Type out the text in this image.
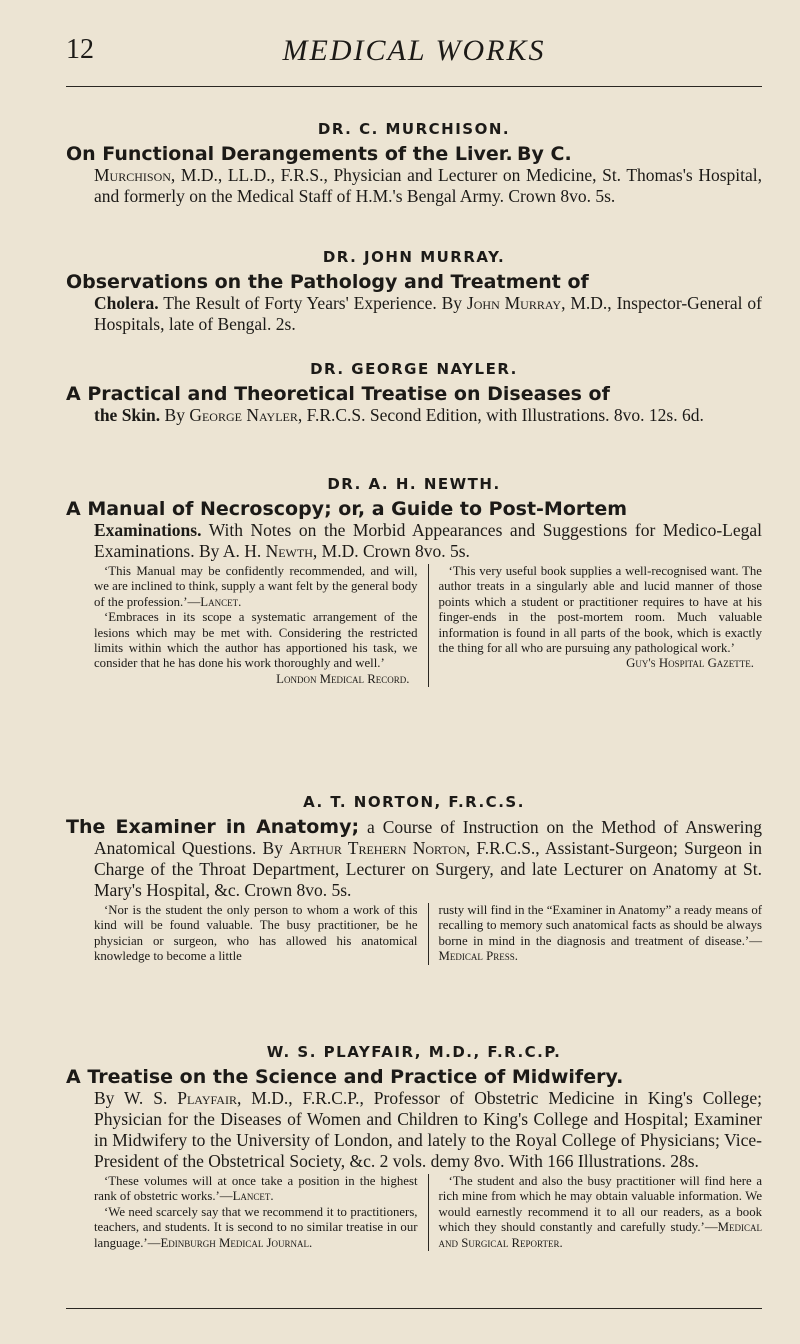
12	MEDICAL WORKS
DR. C. MURCHISON.

On Functional Derangements of the Liver. By C.
Murchison, M.D., LL.D., F.R.S., Physician and Lecturer on Medicine, St. Thomas's Hospital, and formerly on the Medical Staff of H.M.'s Bengal Army. Crown 8vo. 5s.

DR. JOHN MURRAY.

Observations on the Pathology and Treatment of
Cholera. The Result of Forty Years' Experience. By John Murray, M.D., Inspector-General of Hospitals, late of Bengal. 2s.

DR. GEORGE NAYLER.

A Practical and Theoretical Treatise on Diseases of
the Skin. By George Nayler, F.R.C.S. Second Edition, with Illustrations. 8vo. 12s. 6d.

DR. A. H. NEWTH.

A Manual of Necroscopy; or, a Guide to Post-Mortem
Examinations. With Notes on the Morbid Appearances and Suggestions for Medico-Legal Examinations. By A. H. Newth, M.D. Crown 8vo. 5s.

‘This Manual may be confidently recommended, and will, we are inclined to think, supply a want felt by the general body of the profession.’—Lancet.

‘Embraces in its scope a systematic arrangement of the lesions which may be met with. Considering the restricted limits within which the author has apportioned his task, we consider that he has done his work thoroughly and well.’

London Medical Record.

‘This very useful book supplies a well-recognised want. The author treats in a singularly able and lucid manner of those points which a student or practitioner requires to have at his finger-ends in the post-mortem room. Much valuable information is found in all parts of the book, which is exactly the thing for all who are pursuing any pathological work.’

Guy's Hospital Gazette.
A. T. NORTON, F.R.C.S.

The Examiner in Anatomy; a Course of Instruction on the Method of Answering Anatomical Questions. By Arthur Trehern Norton, F.R.C.S., Assistant-Surgeon; Surgeon in Charge of the Throat Department, Lecturer on Surgery, and late Lecturer on Anatomy at St. Mary's Hospital, &c. Crown 8vo. 5s.

‘Nor is the student the only person to whom a work of this kind will be found valuable. The busy practitioner, be he physician or surgeon, who has allowed his anatomical knowledge to become a little

rusty will find in the “Examiner in Anatomy” a ready means of recalling to memory such anatomical facts as should be always borne in mind in the diagnosis and treatment of disease.’—Medical Press.

W. S. PLAYFAIR, M.D., F.R.C.P.

A Treatise on the Science and Practice of Midwifery.
By W. S. Playfair, M.D., F.R.C.P., Professor of Obstetric Medicine in King's College; Physician for the Diseases of Women and Children to King's College and Hospital; Examiner in Midwifery to the University of London, and lately to the Royal College of Physicians; Vice-President of the Obstetrical Society, &c. 2 vols. demy 8vo. With 166 Illustrations. 28s.

‘These volumes will at once take a position in the highest rank of obstetric works.’—Lancet.

‘We need scarcely say that we recommend it to practitioners, teachers, and students. It is second to no similar treatise in our language.’—Edinburgh Medical Journal.

‘The student and also the busy practitioner will find here a rich mine from which he may obtain valuable information. We would earnestly recommend it to all our readers, as a book which they should constantly and carefully study.’—Medical and Surgical Reporter.
